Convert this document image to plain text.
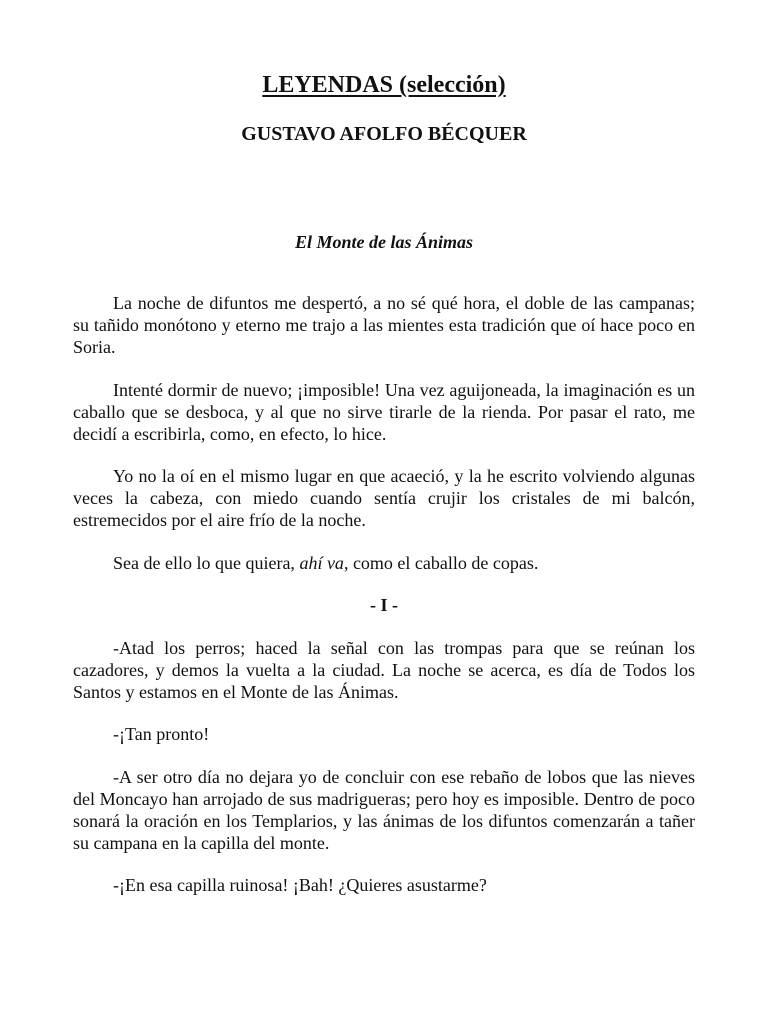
LEYENDAS (selección)
GUSTAVO AFOLFO BÉCQUER
El Monte de las Ánimas

La noche de difuntos me despertó, a no sé qué hora, el doble de las campanas; su tañido monótono y eterno me trajo a las mientes esta tradición que oí hace poco en Soria.

Intenté dormir de nuevo; ¡imposible! Una vez aguijoneada, la imaginación es un caballo que se desboca, y al que no sirve tirarle de la rienda. Por pasar el rato, me decidí a escribirla, como, en efecto, lo hice.

Yo no la oí en el mismo lugar en que acaeció, y la he escrito volviendo algunas veces la cabeza, con miedo cuando sentía crujir los cristales de mi balcón, estremecidos por el aire frío de la noche.

Sea de ello lo que quiera, ahí va, como el caballo de copas.

- I -

-Atad los perros; haced la señal con las trompas para que se reúnan los cazadores, y demos la vuelta a la ciudad. La noche se acerca, es día de Todos los Santos y estamos en el Monte de las Ánimas.

-¡Tan pronto!

-A ser otro día no dejara yo de concluir con ese rebaño de lobos que las nieves del Moncayo han arrojado de sus madrigueras; pero hoy es imposible. Dentro de poco sonará la oración en los Templarios, y las ánimas de los difuntos comenzarán a tañer su campana en la capilla del monte.

-¡En esa capilla ruinosa! ¡Bah! ¿Quieres asustarme?
